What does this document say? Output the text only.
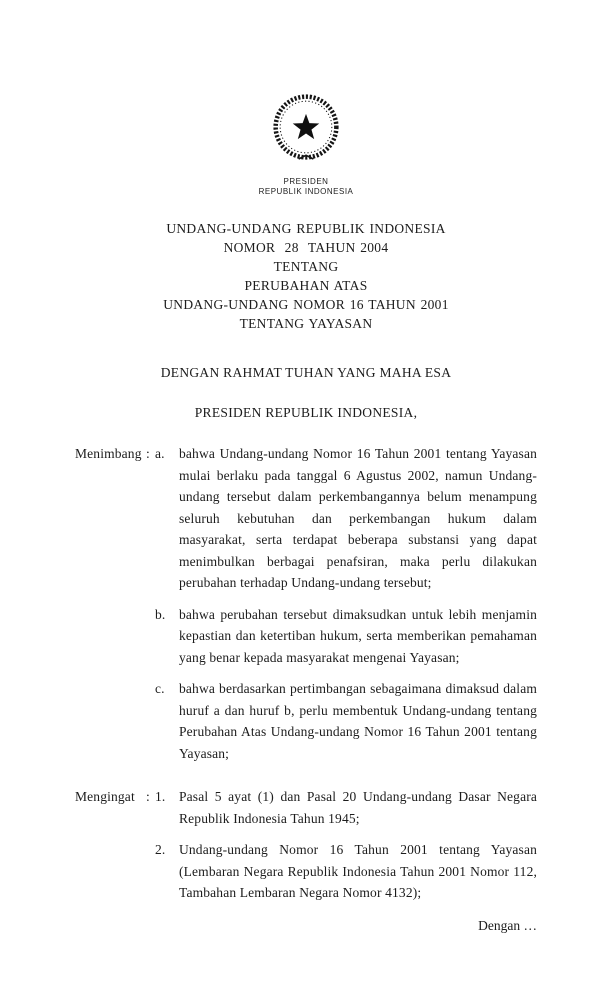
PRESIDEN
REPUBLIK INDONESIA
UNDANG-UNDANG REPUBLIK INDONESIA
NOMOR  28  TAHUN 2004
TENTANG
PERUBAHAN ATAS
UNDANG-UNDANG NOMOR 16 TAHUN 2001
TENTANG YAYASAN
DENGAN RAHMAT TUHAN YANG MAHA ESA
PRESIDEN REPUBLIK INDONESIA,
Menimbang : a.	bahwa Undang-undang Nomor 16 Tahun 2001 tentang Yayasan mulai berlaku pada tanggal 6 Agustus 2002, namun Undang-undang tersebut dalam perkembangannya belum menampung seluruh kebutuhan dan perkembangan hukum dalam masyarakat, serta terdapat beberapa substansi yang dapat menimbulkan berbagai penafsiran, maka perlu dilakukan perubahan terhadap Undang-undang tersebut;
b.	bahwa perubahan tersebut dimaksudkan untuk lebih menjamin kepastian dan ketertiban hukum, serta memberikan pemahaman yang benar kepada masyarakat mengenai Yayasan;
c.	bahwa berdasarkan pertimbangan sebagaimana dimaksud dalam huruf a dan huruf b, perlu membentuk Undang-undang tentang Perubahan Atas Undang-undang Nomor 16 Tahun 2001 tentang Yayasan;
Mengingat : 1.	Pasal 5 ayat (1) dan Pasal 20 Undang-undang Dasar Negara Republik Indonesia Tahun 1945;
2.	Undang-undang Nomor 16 Tahun 2001 tentang Yayasan (Lembaran Negara Republik Indonesia Tahun 2001 Nomor 112, Tambahan Lembaran Negara Nomor 4132);
Dengan …
